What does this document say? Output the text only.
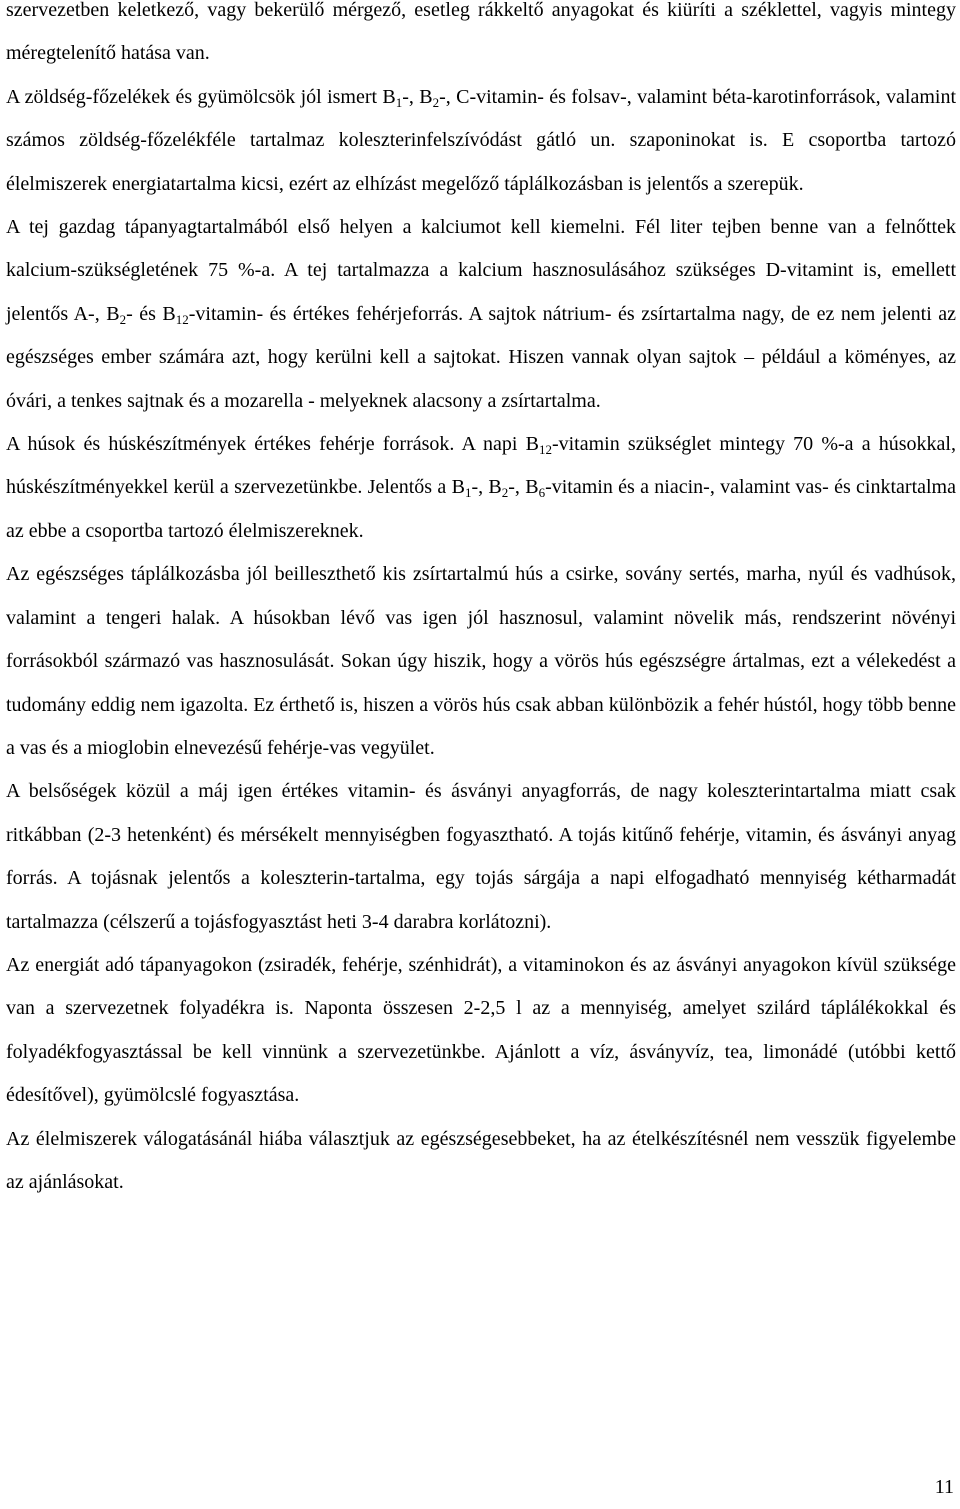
szervezetben keletkező, vagy bekerülő mérgező, esetleg rákkeltő anyagokat és kiüríti a széklettel, vagyis mintegy méregtelenítő hatása van.

A zöldség-főzelékek és gyümölcsök jól ismert $B_1-$, $B_2-$, C-vitamin- és folsav-, valamint béta-karotinforrások, valamint számos zöldség-főzelékféle tartalmaz koleszterinfelszívódást gátló un. szaponinokat is. E csoportba tartozó élelmiszerek energiatartalma kicsi, ezért az elhízást megelőző táplálkozásban is jelentős a szerepük.

A tej gazdag tápanyagtartalmából első helyen a kalciumot kell kiemelni. Fél liter tejben benne van a felnőttek kalcium-szükségletének 75 %-a. A tej tartalmazza a kalcium hasznosulásához szükséges D-vitamint is, emellett jelentős A-, $B_2-$ és $B_{12}-vitamin-$ és értékes fehérjeforrás. A sajtok nátrium- és zsírtartalma nagy, de ez nem jelenti az egészséges ember számára azt, hogy kerülni kell a sajtokat. Hiszen vannak olyan sajtok – például a köményes, az óvári, a tenkes sajtnak és a mozarella - melyeknek alacsony a zsírtartalma.

A húsok és húskészítmények értékes fehérje források. A napi $B_{12}$-vitamin szükséglet mintegy 70 %-a a húsokkal, húskészítményekkel kerül a szervezetünkbe. Jelentős a $B_1-$, $B_2-$, $B_6$-vitamin és a niacin-, valamint vas- és cinktartalma az ebbe a csoportba tartozó élelmiszereknek.

Az egészséges táplálkozásba jól beilleszthető kis zsírtartalmú hús a csirke, sovány sertés, marha, nyúl és vadhúsok, valamint a tengeri halak. A húsokban lévő vas igen jól hasznosul, valamint növelik más, rendszerint növényi forrásokból származó vas hasznosulását. Sokan úgy hiszik, hogy a vörös hús egészségre ártalmas, ezt a vélekedést a tudomány eddig nem igazolta. Ez érthető is, hiszen a vörös hús csak abban különbözik a fehér hústól, hogy több benne a vas és a mioglobin elnevezésű fehérje-vas vegyület.

A belsőségek közül a máj igen értékes vitamin- és ásványi anyagforrás, de nagy koleszterintartalma miatt csak ritkábban (2-3 hetenként) és mérsékelt mennyiségben fogyasztható. A tojás kitűnő fehérje, vitamin, és ásványi anyag forrás. A tojásnak jelentős a koleszterin-tartalma, egy tojás sárgája a napi elfogadható mennyiség kétharmadát tartalmazza (célszerű a tojásfogyasztást heti 3-4 darabra korlátozni).

Az energiát adó tápanyagokon (zsiradék, fehérje, szénhidrát), a vitaminokon és az ásványi anyagokon kívül szüksége van a szervezetnek folyadékra is. Naponta összesen 2-2,5 l az a mennyiség, amelyet szilárd táplálékokkal és folyadékfogyasztással be kell vinnünk a szervezetünkbe. Ajánlott a víz, ásványvíz, tea, limonádé (utóbbi kettő édesítővel), gyümölcslé fogyasztása.

Az élelmiszerek válogatásánál hiába választjuk az egészségesebbeket, ha az ételkészítésnél nem vesszük figyelembe az ajánlásokat.

11
